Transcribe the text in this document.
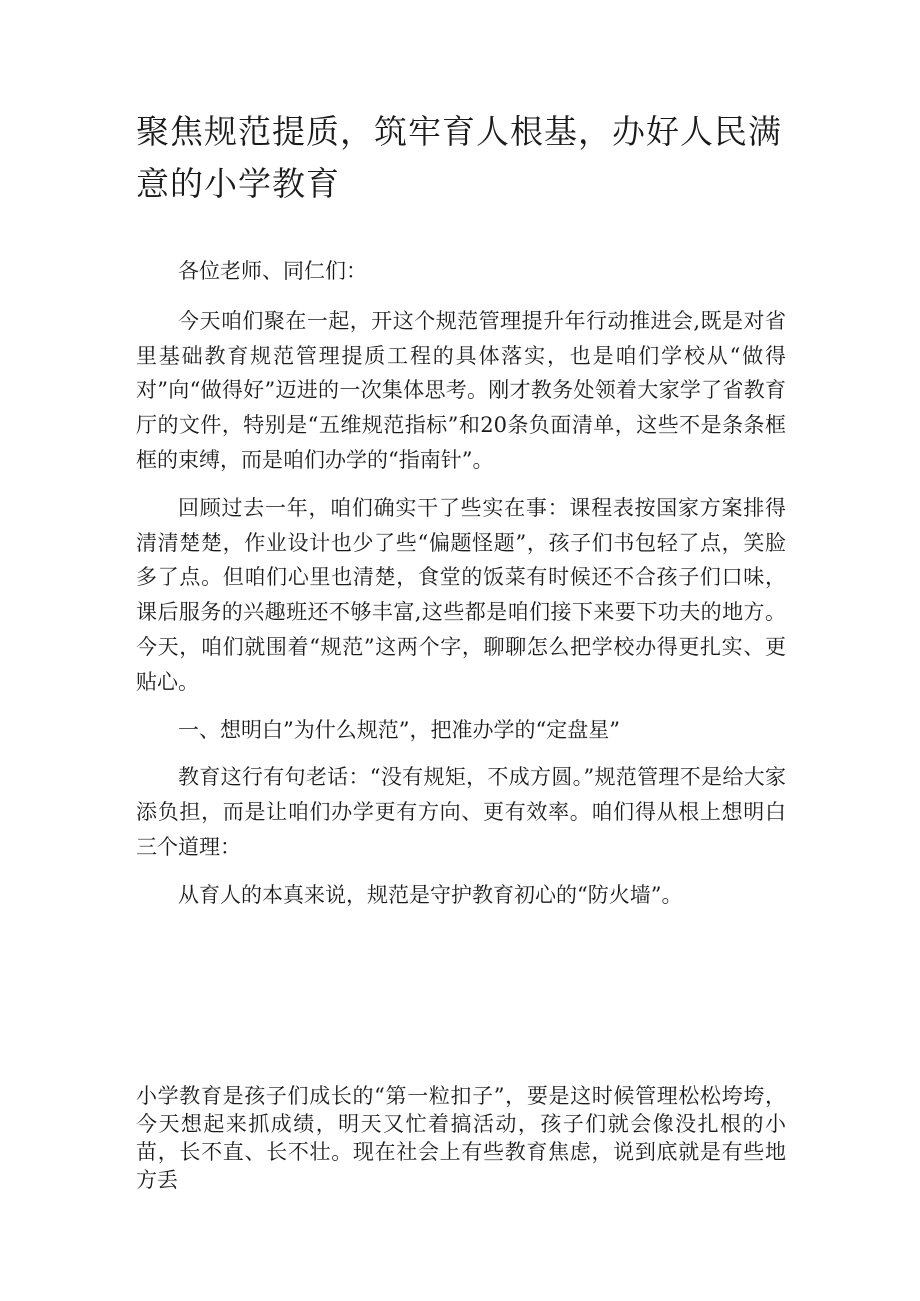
聚焦规范提质，筑牢育人根基，办好人民满意的小学教育

各位老师、同仁们：

今天咱们聚在一起，开这个规范管理提升年行动推进会,既是对省里基础教育规范管理提质工程的具体落实，也是咱们学校从“做得对”向“做得好”迈进的一次集体思考。刚才教务处领着大家学了省教育厅的文件，特别是“五维规范指标”和20条负面清单，这些不是条条框框的束缚，而是咱们办学的“指南针”。

回顾过去一年，咱们确实干了些实在事：课程表按国家方案排得清清楚楚，作业设计也少了些“偏题怪题”，孩子们书包轻了点，笑脸多了点。但咱们心里也清楚，食堂的饭菜有时候还不合孩子们口味，课后服务的兴趣班还不够丰富,这些都是咱们接下来要下功夫的地方。今天，咱们就围着“规范”这两个字，聊聊怎么把学校办得更扎实、更贴心。

一、想明白”为什么规范”，把准办学的“定盘星”

教育这行有句老话：“没有规矩，不成方圆。”规范管理不是给大家添负担，而是让咱们办学更有方向、更有效率。咱们得从根上想明白三个道理：

从育人的本真来说，规范是守护教育初心的“防火墙”。

小学教育是孩子们成长的“第一粒扣子”，要是这时候管理松松垮垮，今天想起来抓成绩，明天又忙着搞活动，孩子们就会像没扎根的小苗，长不直、长不壮。现在社会上有些教育焦虑，说到底就是有些地方丢
